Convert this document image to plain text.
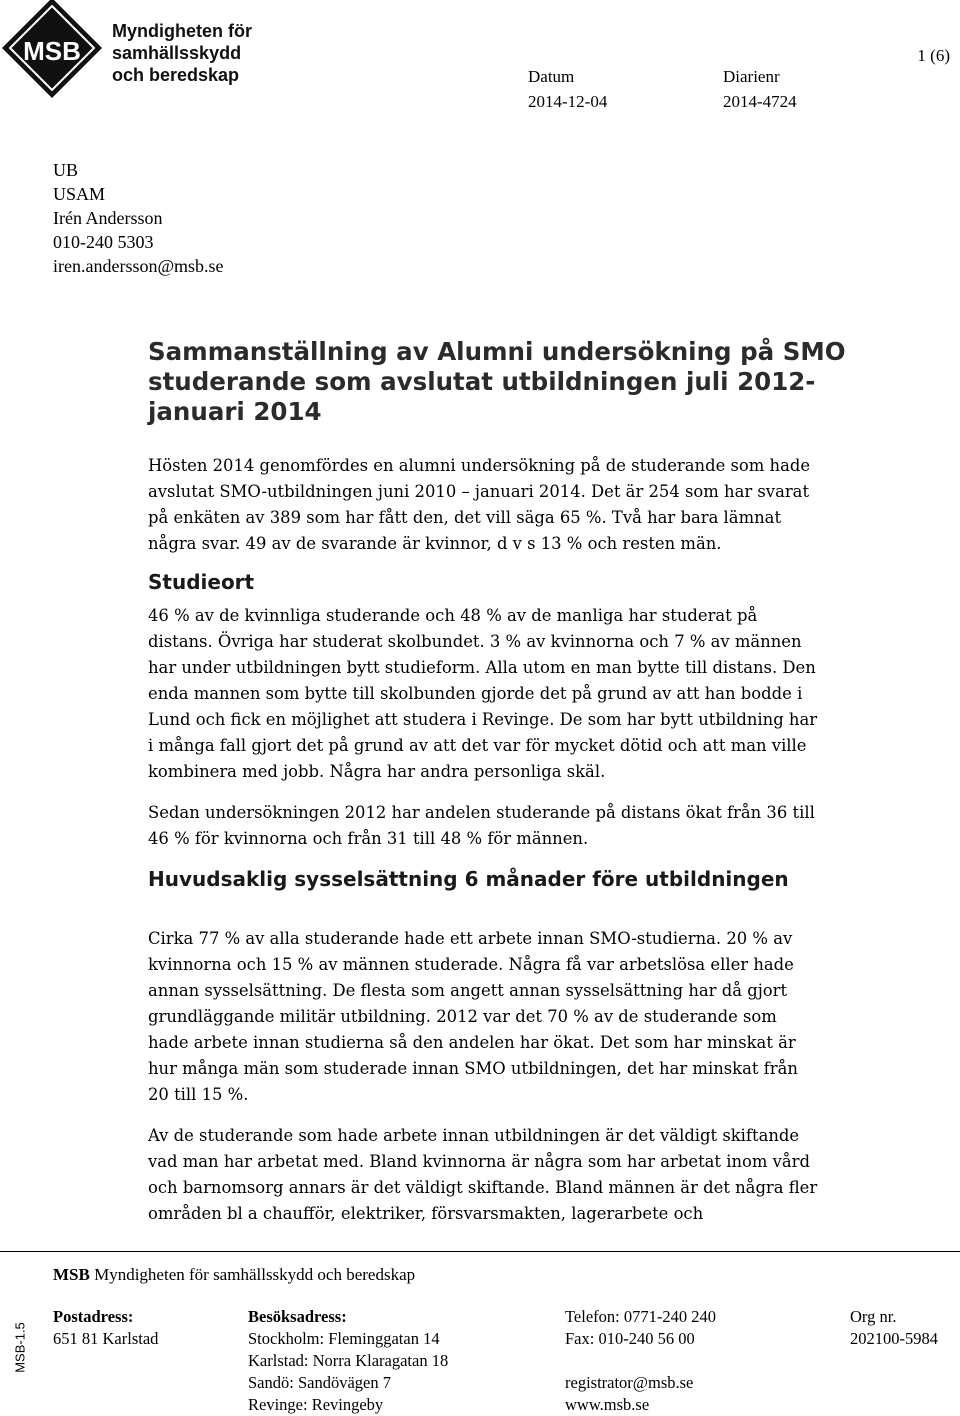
MSB
Myndigheten för
samhällsskydd
och beredskap
1 (6)
Datum
2014-12-04
Diarienr
2014-4724
UB
USAM
Irén Andersson
010-240 5303
iren.andersson@msb.se
Sammanställning av Alumni undersökning på SMO studerande som avslutat utbildningen juli 2012-januari 2014

Hösten 2014 genomfördes en alumni undersökning på de studerande som hade avslutat SMO-utbildningen juni 2010 – januari 2014. Det är 254 som har svarat på enkäten av 389 som har fått den, det vill säga 65 %. Två har bara lämnat några svar. 49 av de svarande är kvinnor, d v s 13 % och resten män.

Studieort

46 % av de kvinnliga studerande och 48 % av de manliga har studerat på distans. Övriga har studerat skolbundet. 3 % av kvinnorna och 7 % av männen har under utbildningen bytt studieform. Alla utom en man bytte till distans. Den enda mannen som bytte till skolbunden gjorde det på grund av att han bodde i Lund och fick en möjlighet att studera i Revinge. De som har bytt utbildning har i många fall gjort det på grund av att det var för mycket dötid och att man ville kombinera med jobb. Några har andra personliga skäl.

Sedan undersökningen 2012 har andelen studerande på distans ökat från 36 till 46 % för kvinnorna och från 31 till 48 % för männen.

Huvudsaklig sysselsättning 6 månader före utbildningen

Cirka 77 % av alla studerande hade ett arbete innan SMO-studierna. 20 % av kvinnorna och 15 % av männen studerade. Några få var arbetslösa eller hade annan sysselsättning. De flesta som angett annan sysselsättning har då gjort grundläggande militär utbildning. 2012 var det 70 % av de studerande som hade arbete innan studierna så den andelen har ökat. Det som har minskat är hur många män som studerade innan SMO utbildningen, det har minskat från 20 till 15 %.

Av de studerande som hade arbete innan utbildningen är det väldigt skiftande vad man har arbetat med. Bland kvinnorna är några som har arbetat inom vård och barnomsorg annars är det väldigt skiftande. Bland männen är det några fler områden bl a chaufför, elektriker, försvarsmakten, lagerarbete och

MSB Myndigheten för samhällsskydd och beredskap
Postadress:
651 81 Karlstad
Besöksadress:
Stockholm: Fleminggatan 14
Karlstad: Norra Klaragatan 18
Sandö: Sandövägen 7
Revinge: Revingeby
Telefon: 0771-240 240
Fax: 010-240 56 00
registrator@msb.se
www.msb.se
Org nr.
202100-5984
MSB-1.5
